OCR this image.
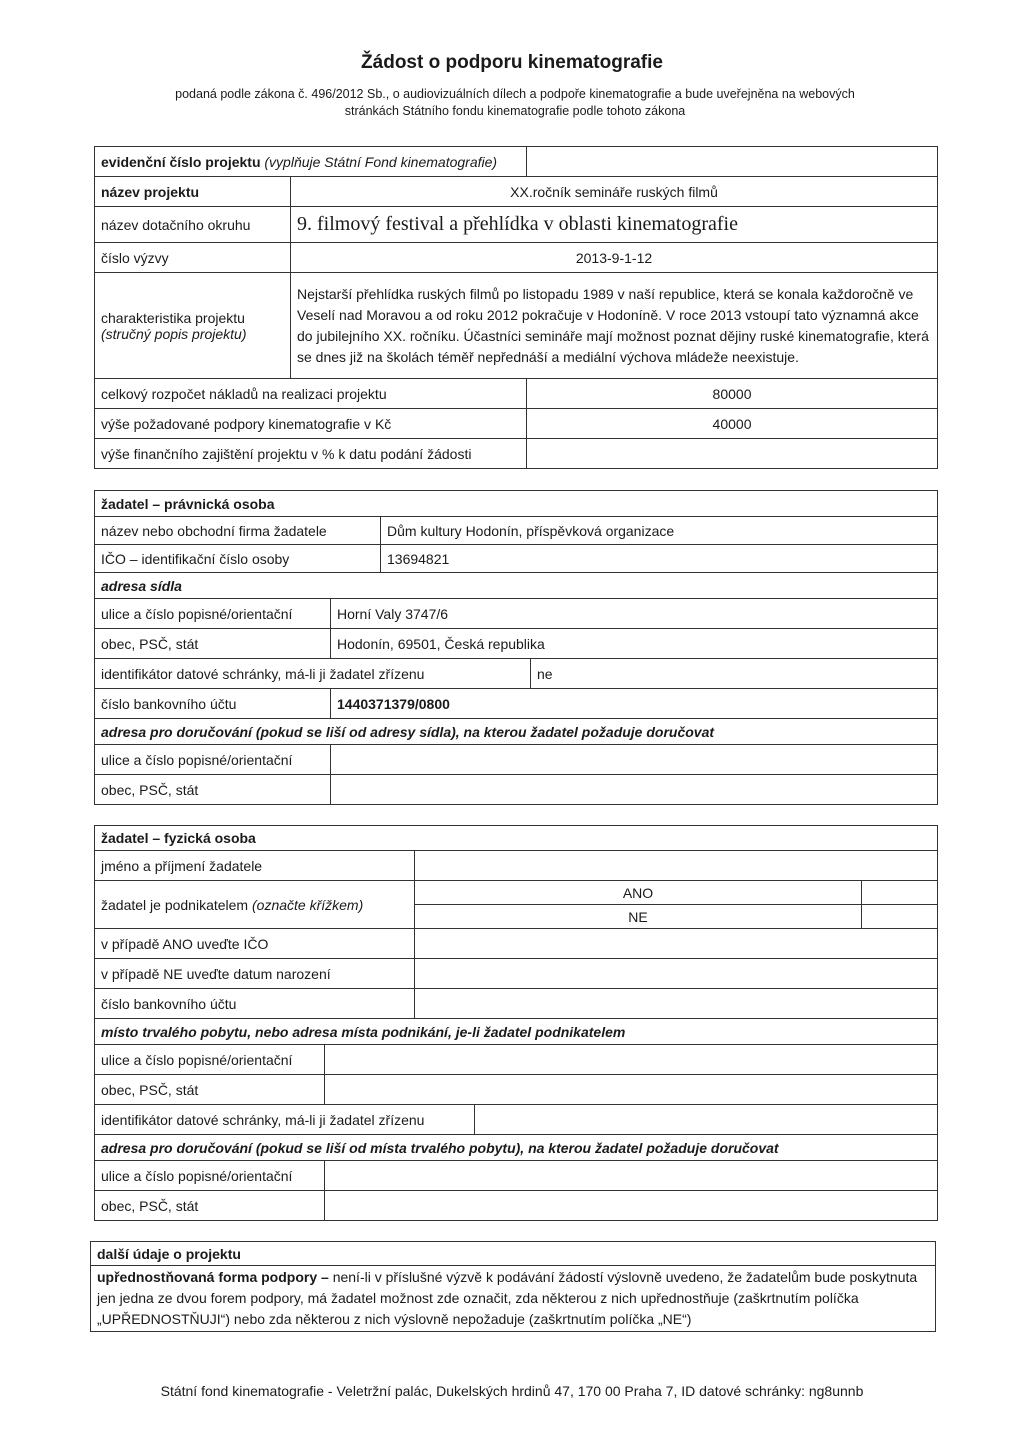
Žádost o podporu kinematografie
podaná podle zákona č. 496/2012 Sb., o audiovizuálních dílech a podpoře kinematografie a bude uveřejněna na webových
stránkách Státního fondu kinematografie podle tohoto zákona
evidenční číslo projektu (vyplňuje Státní Fond kinematografie)		
název projektu	XX.ročník semináře ruských filmů	
název dotačního okruhu	9. filmový festival a přehlídka v oblasti kinematografie	
číslo výzvy	2013-9-1-12	

charakteristika projektu
(stručný popis projektu)	Nejstarší přehlídka ruských filmů po listopadu 1989 v naší republice, která se konala každoročně ve Veselí nad Moravou a od roku 2012 pokračuje v Hodoníně. V roce 2013 vstoupí tato významná akce do jubilejního XX. ročníku. Účastníci semináře mají možnost poznat dějiny ruské kinematografie, která se dnes již na školách téměř nepřednáší a mediální výchova mládeže neexistuje.	
celkový rozpočet nákladů na realizaci projektu		80000
výše požadované podpory kinematografie v Kč		40000
výše finančního zajištění projektu v % k datu podání žádosti		
žadatel – právnická osoba			
název nebo obchodní firma žadatele		Dům kultury Hodonín, příspěvková organizace	
IČO – identifikační číslo osoby		13694821	
adresa sídla			
ulice a číslo popisné/orientační	Horní Valy 3747/6		
obec, PSČ, stát	Hodonín, 69501, Česká republika		
identifikátor datové schránky, má-li ji žadatel zřízenu			ne
číslo bankovního účtu	1440371379/0800		
adresa pro doručování (pokud se liší od adresy sídla), na kterou žadatel požaduje doručovat			
ulice a číslo popisné/orientační			
obec, PSČ, stát			
žadatel – fyzická osoba				
jméno a příjmení žadatele				
žadatel je podnikatelem (označte křížkem)		ANO		
		NE		
v případě ANO uveďte IČO				
v případě NE uveďte datum narození				
číslo bankovního účtu				
místo trvalého pobytu, nebo adresa místa podnikání, je-li žadatel podnikatelem				
ulice a číslo popisné/orientační				
obec, PSČ, stát				
identifikátor datové schránky, má-li ji žadatel zřízenu				
adresa pro doručování (pokud se liší od místa trvalého pobytu), na kterou žadatel požaduje doručovat				
ulice a číslo popisné/orientační				
obec, PSČ, stát				
další údaje o projektu
upřednostňovaná forma podpory – není-li v příslušné výzvě k podávání žádostí výslovně uvedeno, že žadatelům bude poskytnuta jen jedna ze dvou forem podpory, má žadatel možnost zde označit, zda některou z nich upřednostňuje (zaškrtnutím políčka „UPŘEDNOSTŇUJI“) nebo zda některou z nich výslovně nepožaduje (zaškrtnutím políčka „NE“)
Státní fond kinematografie - Veletržní palác, Dukelských hrdinů 47, 170 00 Praha 7, ID datové schránky: ng8unnb
